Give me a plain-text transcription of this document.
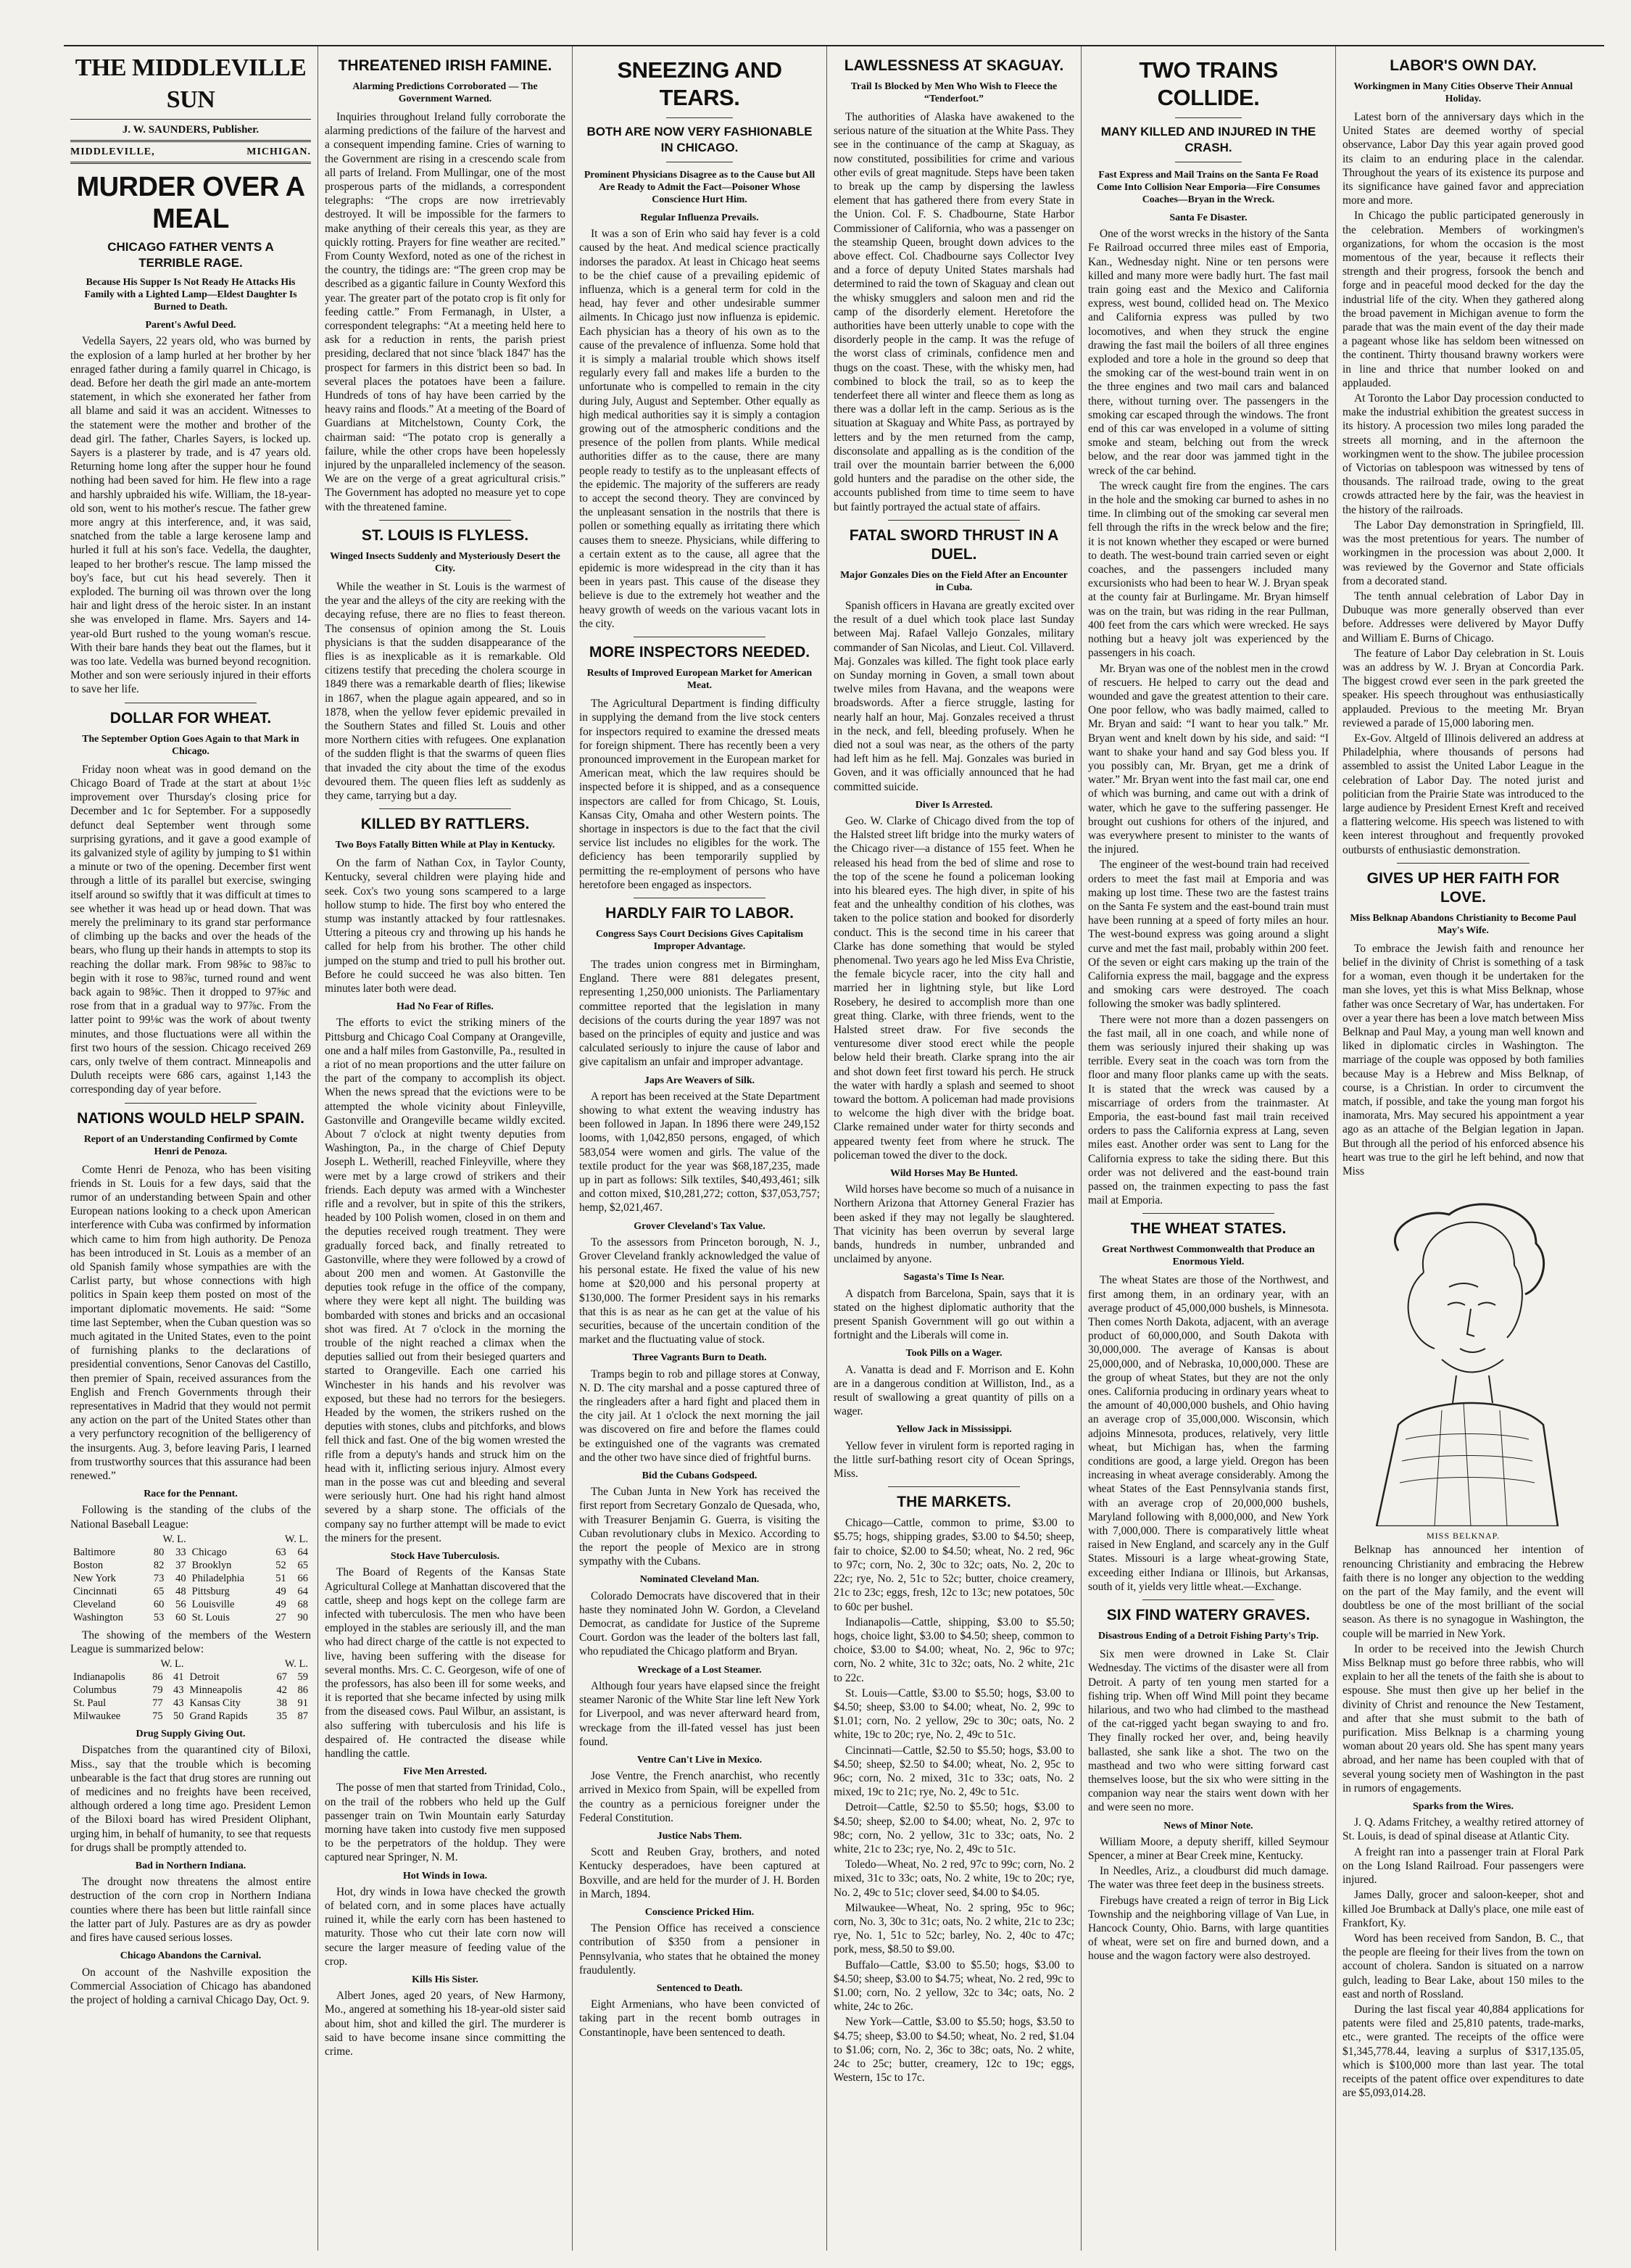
THE MIDDLEVILLE SUN
J. W. SAUNDERS, Publisher.
MIDDLEVILLE,	MICHIGAN.
MURDER OVER A MEAL
CHICAGO FATHER VENTS A TERRIBLE RAGE.
Because His Supper Is Not Ready He Attacks His Family with a Lighted Lamp—Eldest Daughter Is Burned to Death.
Parent's Awful Deed.

Vedella Sayers, 22 years old, who was burned by the explosion of a lamp hurled at her brother by her enraged father during a family quarrel in Chicago, is dead. Before her death the girl made an ante-mortem statement, in which she exonerated her father from all blame and said it was an accident. Witnesses to the statement were the mother and brother of the dead girl. The father, Charles Sayers, is locked up. Sayers is a plasterer by trade, and is 47 years old. Returning home long after the supper hour he found nothing had been saved for him. He flew into a rage and harshly upbraided his wife. William, the 18-year-old son, went to his mother's rescue. The father grew more angry at this interference, and, it was said, snatched from the table a large kerosene lamp and hurled it full at his son's face. Vedella, the daughter, leaped to her brother's rescue. The lamp missed the boy's face, but cut his head severely. Then it exploded. The burning oil was thrown over the long hair and light dress of the heroic sister. In an instant she was enveloped in flame. Mrs. Sayers and 14-year-old Burt rushed to the young woman's rescue. With their bare hands they beat out the flames, but it was too late. Vedella was burned beyond recognition. Mother and son were seriously injured in their efforts to save her life.

DOLLAR FOR WHEAT.
The September Option Goes Again to that Mark in Chicago.

Friday noon wheat was in good demand on the Chicago Board of Trade at the start at about 1½c improvement over Thursday's closing price for December and 1c for September. For a supposedly defunct deal September went through some surprising gyrations, and it gave a good example of its galvanized style of agility by jumping to $1 within a minute or two of the opening. December first went through a little of its parallel but exercise, swinging itself around so swiftly that it was difficult at times to see whether it was head up or head down. That was merely the preliminary to its grand star performance of climbing up the backs and over the heads of the bears, who flung up their hands in attempts to stop its reaching the dollar mark. From 98⅝c to 98⅞c to begin with it rose to 98⅞c, turned round and went back again to 98⅝c. Then it dropped to 97⅝c and rose from that in a gradual way to 97⅞c. From the latter point to 99⅛c was the work of about twenty minutes, and those fluctuations were all within the first two hours of the session. Chicago received 269 cars, only twelve of them contract. Minneapolis and Duluth receipts were 686 cars, against 1,143 the corresponding day of year before.

NATIONS WOULD HELP SPAIN.
Report of an Understanding Confirmed by Comte Henri de Penoza.

Comte Henri de Penoza, who has been visiting friends in St. Louis for a few days, said that the rumor of an understanding between Spain and other European nations looking to a check upon American interference with Cuba was confirmed by information which came to him from high authority. De Penoza has been introduced in St. Louis as a member of an old Spanish family whose sympathies are with the Carlist party, but whose connections with high politics in Spain keep them posted on most of the important diplomatic movements. He said: “Some time last September, when the Cuban question was so much agitated in the United States, even to the point of furnishing planks to the declarations of presidential conventions, Senor Canovas del Castillo, then premier of Spain, received assurances from the English and French Governments through their representatives in Madrid that they would not permit any action on the part of the United States other than a very perfunctory recognition of the belligerency of the insurgents. Aug. 3, before leaving Paris, I learned from trustworthy sources that this assurance had been renewed.”

Race for the Pennant.

Following is the standing of the clubs of the National Baseball League:

	W. L.			W. L.	
Baltimore	80	33	Chicago	63	64
Boston	82	37	Brooklyn	52	65
New York	73	40	Philadelphia	51	66
Cincinnati	65	48	Pittsburg	49	64
Cleveland	60	56	Louisville	49	68
Washington	53	60	St. Louis	27	90

The showing of the members of the Western League is summarized below:

	W. L.			W. L.	
Indianapolis	86	41	Detroit	67	59
Columbus	79	43	Minneapolis	42	86
St. Paul	77	43	Kansas City	38	91
Milwaukee	75	50	Grand Rapids	35	87
Drug Supply Giving Out.

Dispatches from the quarantined city of Biloxi, Miss., say that the trouble which is becoming unbearable is the fact that drug stores are running out of medicines and no freights have been received, although ordered a long time ago. President Lemon of the Biloxi board has wired President Oliphant, urging him, in behalf of humanity, to see that requests for drugs shall be promptly attended to.

Bad in Northern Indiana.

The drought now threatens the almost entire destruction of the corn crop in Northern Indiana counties where there has been but little rainfall since the latter part of July. Pastures are as dry as powder and fires have caused serious losses.

Chicago Abandons the Carnival.

On account of the Nashville exposition the Commercial Association of Chicago has abandoned the project of holding a carnival Chicago Day, Oct. 9.

THREATENED IRISH FAMINE.
Alarming Predictions Corroborated — The Government Warned.

Inquiries throughout Ireland fully corroborate the alarming predictions of the failure of the harvest and a consequent impending famine. Cries of warning to the Government are rising in a crescendo scale from all parts of Ireland. From Mullingar, one of the most prosperous parts of the midlands, a correspondent telegraphs: “The crops are now irretrievably destroyed. It will be impossible for the farmers to make anything of their cereals this year, as they are quickly rotting. Prayers for fine weather are recited.” From County Wexford, noted as one of the richest in the country, the tidings are: “The green crop may be described as a gigantic failure in County Wexford this year. The greater part of the potato crop is fit only for feeding cattle.” From Fermanagh, in Ulster, a correspondent telegraphs: “At a meeting held here to ask for a reduction in rents, the parish priest presiding, declared that not since 'black 1847' has the prospect for farmers in this district been so bad. In several places the potatoes have been a failure. Hundreds of tons of hay have been carried by the heavy rains and floods.” At a meeting of the Board of Guardians at Mitchelstown, County Cork, the chairman said: “The potato crop is generally a failure, while the other crops have been hopelessly injured by the unparalleled inclemency of the season. We are on the verge of a great agricultural crisis.” The Government has adopted no measure yet to cope with the threatened famine.

ST. LOUIS IS FLYLESS.
Winged Insects Suddenly and Mysteriously Desert the City.

While the weather in St. Louis is the warmest of the year and the alleys of the city are reeking with the decaying refuse, there are no flies to feast thereon. The consensus of opinion among the St. Louis physicians is that the sudden disappearance of the flies is as inexplicable as it is remarkable. Old citizens testify that preceding the cholera scourge in 1849 there was a remarkable dearth of flies; likewise in 1867, when the plague again appeared, and so in 1878, when the yellow fever epidemic prevailed in the Southern States and filled St. Louis and other more Northern cities with refugees. One explanation of the sudden flight is that the swarms of queen flies that invaded the city about the time of the exodus devoured them. The queen flies left as suddenly as they came, tarrying but a day.

KILLED BY RATTLERS.
Two Boys Fatally Bitten While at Play in Kentucky.

On the farm of Nathan Cox, in Taylor County, Kentucky, several children were playing hide and seek. Cox's two young sons scampered to a large hollow stump to hide. The first boy who entered the stump was instantly attacked by four rattlesnakes. Uttering a piteous cry and throwing up his hands he called for help from his brother. The other child jumped on the stump and tried to pull his brother out. Before he could succeed he was also bitten. Ten minutes later both were dead.

Had No Fear of Rifles.

The efforts to evict the striking miners of the Pittsburg and Chicago Coal Company at Orangeville, one and a half miles from Gastonville, Pa., resulted in a riot of no mean proportions and the utter failure on the part of the company to accomplish its object. When the news spread that the evictions were to be attempted the whole vicinity about Finleyville, Gastonville and Orangeville became wildly excited. About 7 o'clock at night twenty deputies from Washington, Pa., in the charge of Chief Deputy Joseph L. Wetherill, reached Finleyville, where they were met by a large crowd of strikers and their friends. Each deputy was armed with a Winchester rifle and a revolver, but in spite of this the strikers, headed by 100 Polish women, closed in on them and the deputies received rough treatment. They were gradually forced back, and finally retreated to Gastonville, where they were followed by a crowd of about 200 men and women. At Gastonville the deputies took refuge in the office of the company, where they were kept all night. The building was bombarded with stones and bricks and an occasional shot was fired. At 7 o'clock in the morning the trouble of the night reached a climax when the deputies sallied out from their besieged quarters and started to Orangeville. Each one carried his Winchester in his hands and his revolver was exposed, but these had no terrors for the besiegers. Headed by the women, the strikers rushed on the deputies with stones, clubs and pitchforks, and blows fell thick and fast. One of the big women wrested the rifle from a deputy's hands and struck him on the head with it, inflicting serious injury. Almost every man in the posse was cut and bleeding and several were seriously hurt. One had his right hand almost severed by a sharp stone. The officials of the company say no further attempt will be made to evict the miners for the present.

Stock Have Tuberculosis.

The Board of Regents of the Kansas State Agricultural College at Manhattan discovered that the cattle, sheep and hogs kept on the college farm are infected with tuberculosis. The men who have been employed in the stables are seriously ill, and the man who had direct charge of the cattle is not expected to live, having been suffering with the disease for several months. Mrs. C. C. Georgeson, wife of one of the professors, has also been ill for some weeks, and it is reported that she became infected by using milk from the diseased cows. Paul Wilbur, an assistant, is also suffering with tuberculosis and his life is despaired of. He contracted the disease while handling the cattle.

Five Men Arrested.

The posse of men that started from Trinidad, Colo., on the trail of the robbers who held up the Gulf passenger train on Twin Mountain early Saturday morning have taken into custody five men supposed to be the perpetrators of the holdup. They were captured near Springer, N. M.

Hot Winds in Iowa.

Hot, dry winds in Iowa have checked the growth of belated corn, and in some places have actually ruined it, while the early corn has been hastened to maturity. Those who cut their late corn now will secure the larger measure of feeding value of the crop.

Kills His Sister.

Albert Jones, aged 20 years, of New Harmony, Mo., angered at something his 18-year-old sister said about him, shot and killed the girl. The murderer is said to have become insane since committing the crime.

SNEEZING AND TEARS.
BOTH ARE NOW VERY FASHIONABLE IN CHICAGO.
Prominent Physicians Disagree as to the Cause but All Are Ready to Admit the Fact—Poisoner Whose Conscience Hurt Him.
Regular Influenza Prevails.

It was a son of Erin who said hay fever is a cold caused by the heat. And medical science practically indorses the paradox. At least in Chicago heat seems to be the chief cause of a prevailing epidemic of influenza, which is a general term for cold in the head, hay fever and other undesirable summer ailments. In Chicago just now influenza is epidemic. Each physician has a theory of his own as to the cause of the prevalence of influenza. Some hold that it is simply a malarial trouble which shows itself regularly every fall and makes life a burden to the unfortunate who is compelled to remain in the city during July, August and September. Other equally as high medical authorities say it is simply a contagion growing out of the atmospheric conditions and the presence of the pollen from plants. While medical authorities differ as to the cause, there are many people ready to testify as to the unpleasant effects of the epidemic. The majority of the sufferers are ready to accept the second theory. They are convinced by the unpleasant sensation in the nostrils that there is pollen or something equally as irritating there which causes them to sneeze. Physicians, while differing to a certain extent as to the cause, all agree that the epidemic is more widespread in the city than it has been in years past. This cause of the disease they believe is due to the extremely hot weather and the heavy growth of weeds on the various vacant lots in the city.

MORE INSPECTORS NEEDED.
Results of Improved European Market for American Meat.

The Agricultural Department is finding difficulty in supplying the demand from the live stock centers for inspectors required to examine the dressed meats for foreign shipment. There has recently been a very pronounced improvement in the European market for American meat, which the law requires should be inspected before it is shipped, and as a consequence inspectors are called for from Chicago, St. Louis, Kansas City, Omaha and other Western points. The shortage in inspectors is due to the fact that the civil service list includes no eligibles for the work. The deficiency has been temporarily supplied by permitting the re-employment of persons who have heretofore been engaged as inspectors.

HARDLY FAIR TO LABOR.
Congress Says Court Decisions Gives Capitalism Improper Advantage.

The trades union congress met in Birmingham, England. There were 881 delegates present, representing 1,250,000 unionists. The Parliamentary committee reported that the legislation in many decisions of the courts during the year 1897 was not based on the principles of equity and justice and was calculated seriously to injure the cause of labor and give capitalism an unfair and improper advantage.

Japs Are Weavers of Silk.

A report has been received at the State Department showing to what extent the weaving industry has been followed in Japan. In 1896 there were 249,152 looms, with 1,042,850 persons, engaged, of which 583,054 were women and girls. The value of the textile product for the year was $68,187,235, made up in part as follows: Silk textiles, $40,493,461; silk and cotton mixed, $10,281,272; cotton, $37,053,757; hemp, $2,021,467.

Grover Cleveland's Tax Value.

To the assessors from Princeton borough, N. J., Grover Cleveland frankly acknowledged the value of his personal estate. He fixed the value of his new home at $20,000 and his personal property at $130,000. The former President says in his remarks that this is as near as he can get at the value of his securities, because of the uncertain condition of the market and the fluctuating value of stock.

Three Vagrants Burn to Death.

Tramps begin to rob and pillage stores at Conway, N. D. The city marshal and a posse captured three of the ringleaders after a hard fight and placed them in the city jail. At 1 o'clock the next morning the jail was discovered on fire and before the flames could be extinguished one of the vagrants was cremated and the other two have since died of frightful burns.

Bid the Cubans Godspeed.

The Cuban Junta in New York has received the first report from Secretary Gonzalo de Quesada, who, with Treasurer Benjamin G. Guerra, is visiting the Cuban revolutionary clubs in Mexico. According to the report the people of Mexico are in strong sympathy with the Cubans.

Nominated Cleveland Man.

Colorado Democrats have discovered that in their haste they nominated John W. Gordon, a Cleveland Democrat, as candidate for Justice of the Supreme Court. Gordon was the leader of the bolters last fall, who repudiated the Chicago platform and Bryan.

Wreckage of a Lost Steamer.

Although four years have elapsed since the freight steamer Naronic of the White Star line left New York for Liverpool, and was never afterward heard from, wreckage from the ill-fated vessel has just been found.

Ventre Can't Live in Mexico.

Jose Ventre, the French anarchist, who recently arrived in Mexico from Spain, will be expelled from the country as a pernicious foreigner under the Federal Constitution.

Justice Nabs Them.

Scott and Reuben Gray, brothers, and noted Kentucky desperadoes, have been captured at Boxville, and are held for the murder of J. H. Borden in March, 1894.

Conscience Pricked Him.

The Pension Office has received a conscience contribution of $350 from a pensioner in Pennsylvania, who states that he obtained the money fraudulently.

Sentenced to Death.

Eight Armenians, who have been convicted of taking part in the recent bomb outrages in Constantinople, have been sentenced to death.

LAWLESSNESS AT SKAGUAY.
Trail Is Blocked by Men Who Wish to Fleece the “Tenderfoot.”

The authorities of Alaska have awakened to the serious nature of the situation at the White Pass. They see in the continuance of the camp at Skaguay, as now constituted, possibilities for crime and various other evils of great magnitude. Steps have been taken to break up the camp by dispersing the lawless element that has gathered there from every State in the Union. Col. F. S. Chadbourne, State Harbor Commissioner of California, who was a passenger on the steamship Queen, brought down advices to the above effect. Col. Chadbourne says Collector Ivey and a force of deputy United States marshals had determined to raid the town of Skaguay and clean out the whisky smugglers and saloon men and rid the camp of the disorderly element. Heretofore the authorities have been utterly unable to cope with the disorderly people in the camp. It was the refuge of the worst class of criminals, confidence men and thugs on the coast. These, with the whisky men, had combined to block the trail, so as to keep the tenderfeet there all winter and fleece them as long as there was a dollar left in the camp. Serious as is the situation at Skaguay and White Pass, as portrayed by letters and by the men returned from the camp, disconsolate and appalling as is the condition of the trail over the mountain barrier between the 6,000 gold hunters and the paradise on the other side, the accounts published from time to time seem to have but faintly portrayed the actual state of affairs.

FATAL SWORD THRUST IN A DUEL.
Major Gonzales Dies on the Field After an Encounter in Cuba.

Spanish officers in Havana are greatly excited over the result of a duel which took place last Sunday between Maj. Rafael Vallejo Gonzales, military commander of San Nicolas, and Lieut. Col. Villaverd. Maj. Gonzales was killed. The fight took place early on Sunday morning in Goven, a small town about twelve miles from Havana, and the weapons were broadswords. After a fierce struggle, lasting for nearly half an hour, Maj. Gonzales received a thrust in the neck, and fell, bleeding profusely. When he died not a soul was near, as the others of the party had left him as he fell. Maj. Gonzales was buried in Goven, and it was officially announced that he had committed suicide.

Diver Is Arrested.

Geo. W. Clarke of Chicago dived from the top of the Halsted street lift bridge into the murky waters of the Chicago river—a distance of 155 feet. When he released his head from the bed of slime and rose to the top of the scene he found a policeman looking into his bleared eyes. The high diver, in spite of his feat and the unhealthy condition of his clothes, was taken to the police station and booked for disorderly conduct. This is the second time in his career that Clarke has done something that would be styled phenomenal. Two years ago he led Miss Eva Christie, the female bicycle racer, into the city hall and married her in lightning style, but like Lord Rosebery, he desired to accomplish more than one great thing. Clarke, with three friends, went to the Halsted street draw. For five seconds the venturesome diver stood erect while the people below held their breath. Clarke sprang into the air and shot down feet first toward his perch. He struck the water with hardly a splash and seemed to shoot toward the bottom. A policeman had made provisions to welcome the high diver with the bridge boat. Clarke remained under water for thirty seconds and appeared twenty feet from where he struck. The policeman towed the diver to the dock.

Wild Horses May Be Hunted.

Wild horses have become so much of a nuisance in Northern Arizona that Attorney General Frazier has been asked if they may not legally be slaughtered. That vicinity has been overrun by several large bands, hundreds in number, unbranded and unclaimed by anyone.

Sagasta's Time Is Near.

A dispatch from Barcelona, Spain, says that it is stated on the highest diplomatic authority that the present Spanish Government will go out within a fortnight and the Liberals will come in.

Took Pills on a Wager.

A. Vanatta is dead and F. Morrison and E. Kohn are in a dangerous condition at Williston, Ind., as a result of swallowing a great quantity of pills on a wager.

Yellow Jack in Mississippi.

Yellow fever in virulent form is reported raging in the little surf-bathing resort city of Ocean Springs, Miss.

THE MARKETS.

Chicago—Cattle, common to prime, $3.00 to $5.75; hogs, shipping grades, $3.00 to $4.50; sheep, fair to choice, $2.00 to $4.50; wheat, No. 2 red, 96c to 97c; corn, No. 2, 30c to 32c; oats, No. 2, 20c to 22c; rye, No. 2, 51c to 52c; butter, choice creamery, 21c to 23c; eggs, fresh, 12c to 13c; new potatoes, 50c to 60c per bushel.

Indianapolis—Cattle, shipping, $3.00 to $5.50; hogs, choice light, $3.00 to $4.50; sheep, common to choice, $3.00 to $4.00; wheat, No. 2, 96c to 97c; corn, No. 2 white, 31c to 32c; oats, No. 2 white, 21c to 22c.

St. Louis—Cattle, $3.00 to $5.50; hogs, $3.00 to $4.50; sheep, $3.00 to $4.00; wheat, No. 2, 99c to $1.01; corn, No. 2 yellow, 29c to 30c; oats, No. 2 white, 19c to 20c; rye, No. 2, 49c to 51c.

Cincinnati—Cattle, $2.50 to $5.50; hogs, $3.00 to $4.50; sheep, $2.50 to $4.00; wheat, No. 2, 95c to 96c; corn, No. 2 mixed, 31c to 33c; oats, No. 2 mixed, 19c to 21c; rye, No. 2, 49c to 51c.

Detroit—Cattle, $2.50 to $5.50; hogs, $3.00 to $4.50; sheep, $2.00 to $4.00; wheat, No. 2, 97c to 98c; corn, No. 2 yellow, 31c to 33c; oats, No. 2 white, 21c to 23c; rye, No. 2, 49c to 51c.

Toledo—Wheat, No. 2 red, 97c to 99c; corn, No. 2 mixed, 31c to 33c; oats, No. 2 white, 19c to 20c; rye, No. 2, 49c to 51c; clover seed, $4.00 to $4.05.

Milwaukee—Wheat, No. 2 spring, 95c to 96c; corn, No. 3, 30c to 31c; oats, No. 2 white, 21c to 23c; rye, No. 1, 51c to 52c; barley, No. 2, 40c to 47c; pork, mess, $8.50 to $9.00.

Buffalo—Cattle, $3.00 to $5.50; hogs, $3.00 to $4.50; sheep, $3.00 to $4.75; wheat, No. 2 red, 99c to $1.00; corn, No. 2 yellow, 32c to 34c; oats, No. 2 white, 24c to 26c.

New York—Cattle, $3.00 to $5.50; hogs, $3.50 to $4.75; sheep, $3.00 to $4.50; wheat, No. 2 red, $1.04 to $1.06; corn, No. 2, 36c to 38c; oats, No. 2 white, 24c to 25c; butter, creamery, 12c to 19c; eggs, Western, 15c to 17c.

TWO TRAINS COLLIDE.
MANY KILLED AND INJURED IN THE CRASH.
Fast Express and Mail Trains on the Santa Fe Road Come Into Collision Near Emporia—Fire Consumes Coaches—Bryan in the Wreck.
Santa Fe Disaster.

One of the worst wrecks in the history of the Santa Fe Railroad occurred three miles east of Emporia, Kan., Wednesday night. Nine or ten persons were killed and many more were badly hurt. The fast mail train going east and the Mexico and California express, west bound, collided head on. The Mexico and California express was pulled by two locomotives, and when they struck the engine drawing the fast mail the boilers of all three engines exploded and tore a hole in the ground so deep that the smoking car of the west-bound train went in on the three engines and two mail cars and balanced there, without turning over. The passengers in the smoking car escaped through the windows. The front end of this car was enveloped in a volume of sitting smoke and steam, belching out from the wreck below, and the rear door was jammed tight in the wreck of the car behind.

The wreck caught fire from the engines. The cars in the hole and the smoking car burned to ashes in no time. In climbing out of the smoking car several men fell through the rifts in the wreck below and the fire; it is not known whether they escaped or were burned to death. The west-bound train carried seven or eight coaches, and the passengers included many excursionists who had been to hear W. J. Bryan speak at the county fair at Burlingame. Mr. Bryan himself was on the train, but was riding in the rear Pullman, 400 feet from the cars which were wrecked. He says nothing but a heavy jolt was experienced by the passengers in his coach.

Mr. Bryan was one of the noblest men in the crowd of rescuers. He helped to carry out the dead and wounded and gave the greatest attention to their care. One poor fellow, who was badly maimed, called to Mr. Bryan and said: “I want to hear you talk.” Mr. Bryan went and knelt down by his side, and said: “I want to shake your hand and say God bless you. If you possibly can, Mr. Bryan, get me a drink of water.” Mr. Bryan went into the fast mail car, one end of which was burning, and came out with a drink of water, which he gave to the suffering passenger. He brought out cushions for others of the injured, and was everywhere present to minister to the wants of the injured.

The engineer of the west-bound train had received orders to meet the fast mail at Emporia and was making up lost time. These two are the fastest trains on the Santa Fe system and the east-bound train must have been running at a speed of forty miles an hour. The west-bound express was going around a slight curve and met the fast mail, probably within 200 feet. Of the seven or eight cars making up the train of the California express the mail, baggage and the express and smoking cars were destroyed. The coach following the smoker was badly splintered.

There were not more than a dozen passengers on the fast mail, all in one coach, and while none of them was seriously injured their shaking up was terrible. Every seat in the coach was torn from the floor and many floor planks came up with the seats. It is stated that the wreck was caused by a miscarriage of orders from the trainmaster. At Emporia, the east-bound fast mail train received orders to pass the California express at Lang, seven miles east. Another order was sent to Lang for the California express to take the siding there. But this order was not delivered and the east-bound train passed on, the trainmen expecting to pass the fast mail at Emporia.

THE WHEAT STATES.
Great Northwest Commonwealth that Produce an Enormous Yield.

The wheat States are those of the Northwest, and first among them, in an ordinary year, with an average product of 45,000,000 bushels, is Minnesota. Then comes North Dakota, adjacent, with an average product of 60,000,000, and South Dakota with 30,000,000. The average of Kansas is about 25,000,000, and of Nebraska, 10,000,000. These are the group of wheat States, but they are not the only ones. California producing in ordinary years wheat to the amount of 40,000,000 bushels, and Ohio having an average crop of 35,000,000. Wisconsin, which adjoins Minnesota, produces, relatively, very little wheat, but Michigan has, when the farming conditions are good, a large yield. Oregon has been increasing in wheat average considerably. Among the wheat States of the East Pennsylvania stands first, with an average crop of 20,000,000 bushels, Maryland following with 8,000,000, and New York with 7,000,000. There is comparatively little wheat raised in New England, and scarcely any in the Gulf States. Missouri is a large wheat-growing State, exceeding either Indiana or Illinois, but Arkansas, south of it, yields very little wheat.—Exchange.

SIX FIND WATERY GRAVES.
Disastrous Ending of a Detroit Fishing Party's Trip.

Six men were drowned in Lake St. Clair Wednesday. The victims of the disaster were all from Detroit. A party of ten young men started for a fishing trip. When off Wind Mill point they became hilarious, and two who had climbed to the masthead of the cat-rigged yacht began swaying to and fro. They finally rocked her over, and, being heavily ballasted, she sank like a shot. The two on the masthead and two who were sitting forward cast themselves loose, but the six who were sitting in the companion way near the stairs went down with her and were seen no more.

News of Minor Note.

William Moore, a deputy sheriff, killed Seymour Spencer, a miner at Bear Creek mine, Kentucky.

In Needles, Ariz., a cloudburst did much damage. The water was three feet deep in the business streets.

Firebugs have created a reign of terror in Big Lick Township and the neighboring village of Van Lue, in Hancock County, Ohio. Barns, with large quantities of wheat, were set on fire and burned down, and a house and the wagon factory were also destroyed.

LABOR'S OWN DAY.
Workingmen in Many Cities Observe Their Annual Holiday.

Latest born of the anniversary days which in the United States are deemed worthy of special observance, Labor Day this year again proved good its claim to an enduring place in the calendar. Throughout the years of its existence its purpose and its significance have gained favor and appreciation more and more.

In Chicago the public participated generously in the celebration. Members of workingmen's organizations, for whom the occasion is the most momentous of the year, because it reflects their strength and their progress, forsook the bench and forge and in peaceful mood decked for the day the industrial life of the city. When they gathered along the broad pavement in Michigan avenue to form the parade that was the main event of the day their made a pageant whose like has seldom been witnessed on the continent. Thirty thousand brawny workers were in line and thrice that number looked on and applauded.

At Toronto the Labor Day procession conducted to make the industrial exhibition the greatest success in its history. A procession two miles long paraded the streets all morning, and in the afternoon the workingmen went to the show. The jubilee procession of Victorias on tablespoon was witnessed by tens of thousands. The railroad trade, owing to the great crowds attracted here by the fair, was the heaviest in the history of the railroads.

The Labor Day demonstration in Springfield, Ill. was the most pretentious for years. The number of workingmen in the procession was about 2,000. It was reviewed by the Governor and State officials from a decorated stand.

The tenth annual celebration of Labor Day in Dubuque was more generally observed than ever before. Addresses were delivered by Mayor Duffy and William E. Burns of Chicago.

The feature of Labor Day celebration in St. Louis was an address by W. J. Bryan at Concordia Park. The biggest crowd ever seen in the park greeted the speaker. His speech throughout was enthusiastically applauded. Previous to the meeting Mr. Bryan reviewed a parade of 15,000 laboring men.

Ex-Gov. Altgeld of Illinois delivered an address at Philadelphia, where thousands of persons had assembled to assist the United Labor League in the celebration of Labor Day. The noted jurist and politician from the Prairie State was introduced to the large audience by President Ernest Kreft and received a flattering welcome. His speech was listened to with keen interest throughout and frequently provoked outbursts of enthusiastic demonstration.

GIVES UP HER FAITH FOR LOVE.
Miss Belknap Abandons Christianity to Become Paul May's Wife.

To embrace the Jewish faith and renounce her belief in the divinity of Christ is something of a task for a woman, even though it be undertaken for the man she loves, yet this is what Miss Belknap, whose father was once Secretary of War, has undertaken. For over a year there has been a love match between Miss Belknap and Paul May, a young man well known and liked in diplomatic circles in Washington. The marriage of the couple was opposed by both families because May is a Hebrew and Miss Belknap, of course, is a Christian. In order to circumvent the match, if possible, and take the young man forgot his inamorata, Mrs. May secured his appointment a year ago as an attache of the Belgian legation in Japan. But through all the period of his enforced absence his heart was true to the girl he left behind, and now that Miss

MISS BELKNAP.

Belknap has announced her intention of renouncing Christianity and embracing the Hebrew faith there is no longer any objection to the wedding on the part of the May family, and the event will doubtless be one of the most brilliant of the social season. As there is no synagogue in Washington, the couple will be married in New York.

In order to be received into the Jewish Church Miss Belknap must go before three rabbis, who will explain to her all the tenets of the faith she is about to espouse. She must then give up her belief in the divinity of Christ and renounce the New Testament, and after that she must submit to the bath of purification. Miss Belknap is a charming young woman about 20 years old. She has spent many years abroad, and her name has been coupled with that of several young society men of Washington in the past in rumors of engagements.

Sparks from the Wires.

J. Q. Adams Fritchey, a wealthy retired attorney of St. Louis, is dead of spinal disease at Atlantic City.

A freight ran into a passenger train at Floral Park on the Long Island Railroad. Four passengers were injured.

James Dally, grocer and saloon-keeper, shot and killed Joe Brumback at Dally's place, one mile east of Frankfort, Ky.

Word has been received from Sandon, B. C., that the people are fleeing for their lives from the town on account of cholera. Sandon is situated on a narrow gulch, leading to Bear Lake, about 150 miles to the east and north of Rossland.

During the last fiscal year 40,884 applications for patents were filed and 25,810 patents, trade-marks, etc., were granted. The receipts of the office were $1,345,778.44, leaving a surplus of $317,135.05, which is $100,000 more than last year. The total receipts of the patent office over expenditures to date are $5,093,014.28.
